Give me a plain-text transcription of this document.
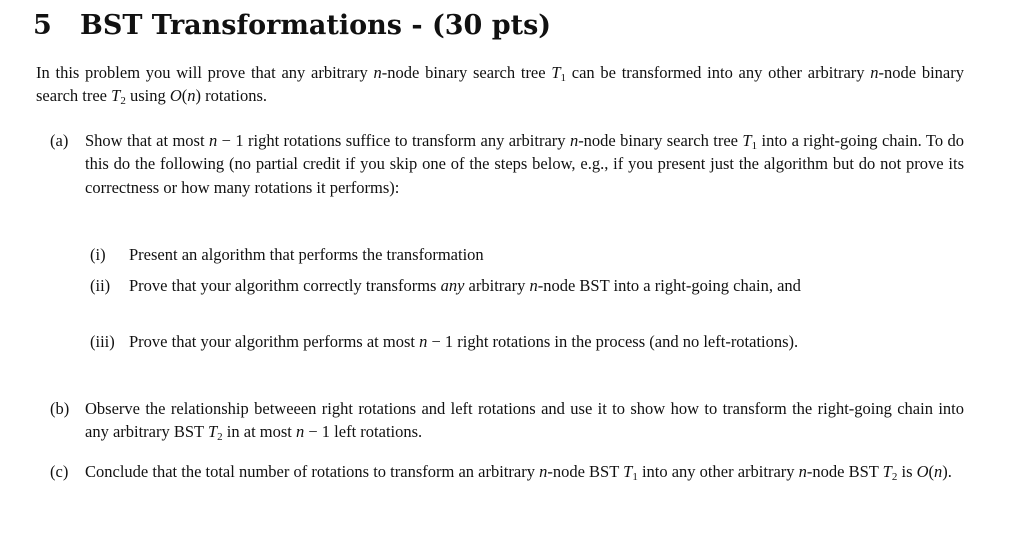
5 BST Transformations - (30 pts)

In this problem you will prove that any arbitrary n-node binary search tree $T_1$ can be transformed into any other arbitrary n-node binary search tree $T_2$ using O(n) rotations.

(a) Show that at most n − 1 right rotations suffice to transform any arbitrary n-node binary search tree $T_1$ into a right-going chain. To do this do the following (no partial credit if you skip one of the steps below, e.g., if you present just the algorithm but do not prove its correctness or how many rotations it performs):
(i) Present an algorithm that performs the transformation
(ii) Prove that your algorithm correctly transforms any arbitrary n-node BST into a right-going chain, and
(iii) Prove that your algorithm performs at most n − 1 right rotations in the process (and no left-rotations).
(b) Observe the relationship betweeen right rotations and left rotations and use it to show how to transform the right-going chain into any arbitrary BST $T_2$ in at most n − 1 left rotations.
(c) Conclude that the total number of rotations to transform an arbitrary n-node BST $T_1$ into any other arbitrary n-node BST $T_2$ is O(n).
